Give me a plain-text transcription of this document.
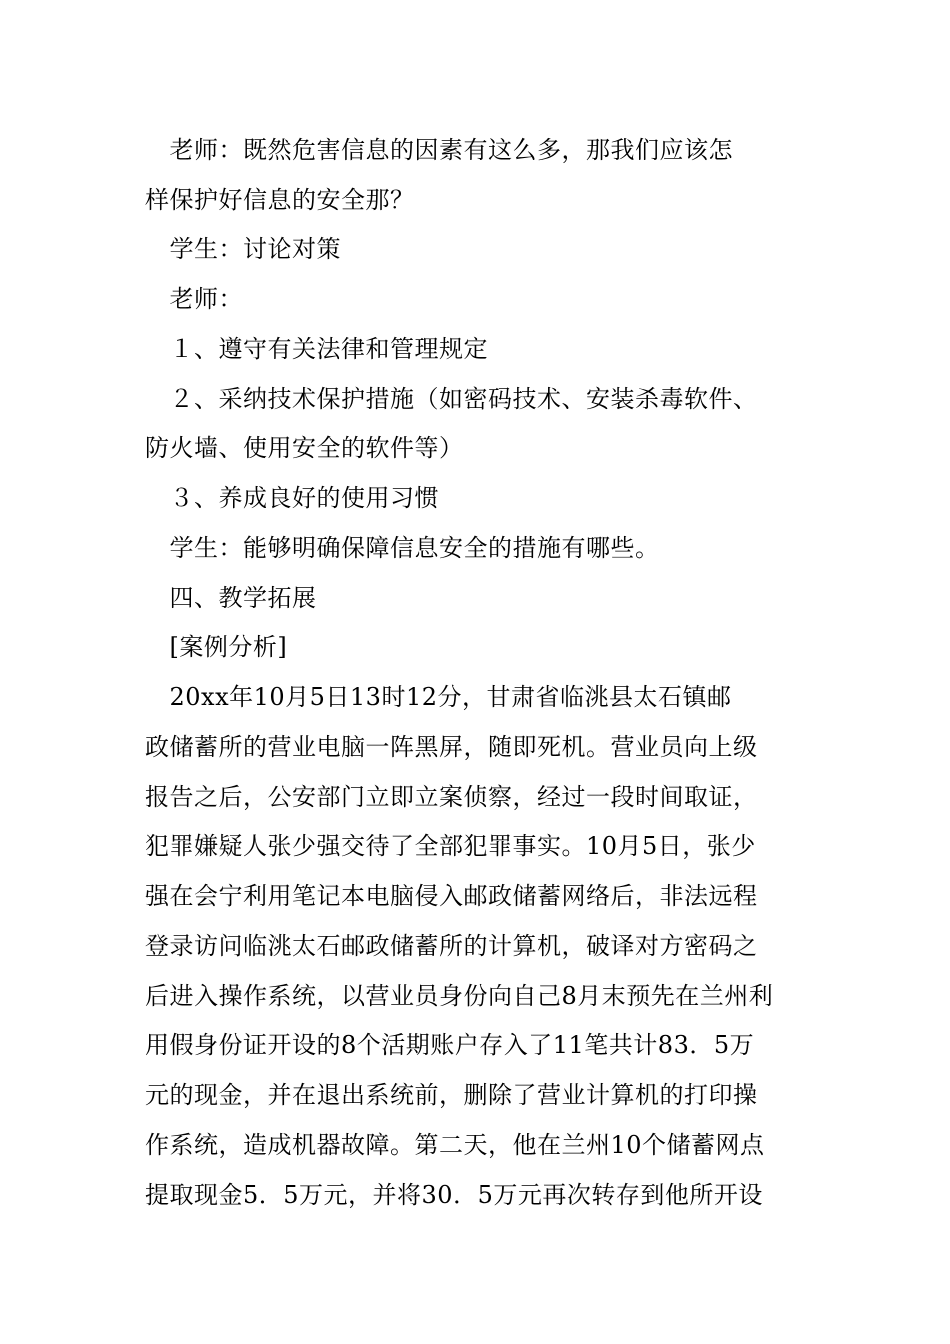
　老师：既然危害信息的因素有这么多，那我们应该怎
样保护好信息的安全那？
　学生：讨论对策
　老师：
　１、遵守有关法律和管理规定
　２、采纳技术保护措施（如密码技术、安装杀毒软件、
防火墙、使用安全的软件等）
　３、养成良好的使用习惯
　学生：能够明确保障信息安全的措施有哪些。
　四、教学拓展
　[案例分析]
　20xx年10月5日13时12分，甘肃省临洮县太石镇邮
政储蓄所的营业电脑一阵黑屏，随即死机。营业员向上级
报告之后，公安部门立即立案侦察，经过一段时间取证，
犯罪嫌疑人张少强交待了全部犯罪事实。10月5日，张少
强在会宁利用笔记本电脑侵入邮政储蓄网络后，非法远程
登录访问临洮太石邮政储蓄所的计算机，破译对方密码之
后进入操作系统，以营业员身份向自己8月末预先在兰州利
用假身份证开设的8个活期账户存入了11笔共计83．5万
元的现金，并在退出系统前，删除了营业计算机的打印操
作系统，造成机器故障。第二天，他在兰州10个储蓄网点
提取现金5．5万元，并将30．5万元再次转存到他所开设
